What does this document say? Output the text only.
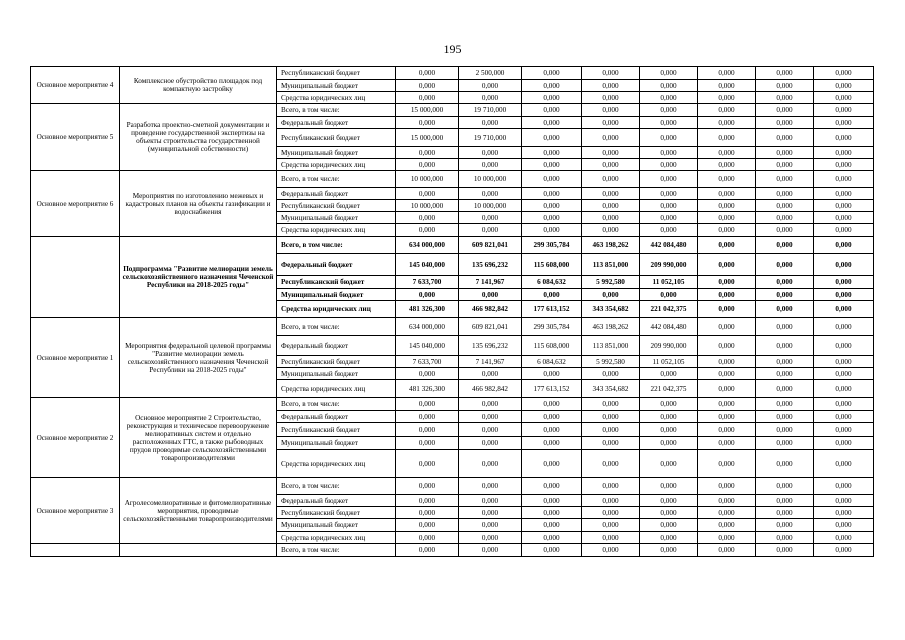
195
Основное мероприятие 4	Комплексное обустройство площадок под компактную застройку	Республиканский бюджет	0,000	2 500,000	0,000	0,000	0,000	0,000	0,000	0,000
		Муниципальный бюджет	0,000	0,000	0,000	0,000	0,000	0,000	0,000	0,000
		Средства юридических лиц	0,000	0,000	0,000	0,000	0,000	0,000	0,000	0,000
Основное мероприятие 5	Разработка проектно-сметной документации и проведение государственной экспертизы на объекты строительства государственной (муниципальной собственности)	Всего, в том числе:	15 000,000	19 710,000	0,000	0,000	0,000	0,000	0,000	0,000
		Федеральный бюджет	0,000	0,000	0,000	0,000	0,000	0,000	0,000	0,000
		Республиканский бюджет	15 000,000	19 710,000	0,000	0,000	0,000	0,000	0,000	0,000
		Муниципальный бюджет	0,000	0,000	0,000	0,000	0,000	0,000	0,000	0,000
		Средства юридических лиц	0,000	0,000	0,000	0,000	0,000	0,000	0,000	0,000
Основное мероприятие 6	Мероприятия по изготовлению межевых и кадастровых планов на объекты газификации и водоснабжения	Всего, в том числе:	10 000,000	10 000,000	0,000	0,000	0,000	0,000	0,000	0,000
		Федеральный бюджет	0,000	0,000	0,000	0,000	0,000	0,000	0,000	0,000
		Республиканский бюджет	10 000,000	10 000,000	0,000	0,000	0,000	0,000	0,000	0,000
		Муниципальный бюджет	0,000	0,000	0,000	0,000	0,000	0,000	0,000	0,000
		Средства юридических лиц	0,000	0,000	0,000	0,000	0,000	0,000	0,000	0,000
	Подпрограмма "Развитие мелиорации земель сельскохозяйственного назначения Чеченской Республики на 2018-2025 годы"	Всего, в том числе:	634 000,000	609 821,041	299 305,784	463 198,262	442 084,480	0,000	0,000	0,000
		Федеральный бюджет	145 040,000	135 696,232	115 608,000	113 851,000	209 990,000	0,000	0,000	0,000
		Республиканский бюджет	7 633,700	7 141,967	6 084,632	5 992,580	11 052,105	0,000	0,000	0,000
		Муниципальный бюджет	0,000	0,000	0,000	0,000	0,000	0,000	0,000	0,000
		Средства юридических лиц	481 326,300	466 982,842	177 613,152	343 354,682	221 042,375	0,000	0,000	0,000
Основное мероприятие 1	Мероприятия федеральной целевой программы "Развитие мелиорации земель сельскохозяйственного назначения Чеченской Республики на 2018-2025 годы"	Всего, в том числе:	634 000,000	609 821,041	299 305,784	463 198,262	442 084,480	0,000	0,000	0,000
		Федеральный бюджет	145 040,000	135 696,232	115 608,000	113 851,000	209 990,000	0,000	0,000	0,000
		Республиканский бюджет	7 633,700	7 141,967	6 084,632	5 992,580	11 052,105	0,000	0,000	0,000
		Муниципальный бюджет	0,000	0,000	0,000	0,000	0,000	0,000	0,000	0,000
		Средства юридических лиц	481 326,300	466 982,842	177 613,152	343 354,682	221 042,375	0,000	0,000	0,000
Основное мероприятие 2	Основное мероприятие 2 Строительство, реконструкция и техническое перевооружение мелиоративных систем и отдельно расположенных ГТС, в также рыбоводных прудов проводимые сельскохозяйственными товаропроизводителями	Всего, в том числе:	0,000	0,000	0,000	0,000	0,000	0,000	0,000	0,000
		Федеральный бюджет	0,000	0,000	0,000	0,000	0,000	0,000	0,000	0,000
		Республиканский бюджет	0,000	0,000	0,000	0,000	0,000	0,000	0,000	0,000
		Муниципальный бюджет	0,000	0,000	0,000	0,000	0,000	0,000	0,000	0,000
		Средства юридических лиц	0,000	0,000	0,000	0,000	0,000	0,000	0,000	0,000
Основное мероприятие 3	Агролесомелиоративные и фитомелиоративные мероприятия, проводимые сельскохозяйственными товаропроизводителями	Всего, в том числе:	0,000	0,000	0,000	0,000	0,000	0,000	0,000	0,000
		Федеральный бюджет	0,000	0,000	0,000	0,000	0,000	0,000	0,000	0,000
		Республиканский бюджет	0,000	0,000	0,000	0,000	0,000	0,000	0,000	0,000
		Муниципальный бюджет	0,000	0,000	0,000	0,000	0,000	0,000	0,000	0,000
		Средства юридических лиц	0,000	0,000	0,000	0,000	0,000	0,000	0,000	0,000
		Всего, в том числе:	0,000	0,000	0,000	0,000	0,000	0,000	0,000	0,000
